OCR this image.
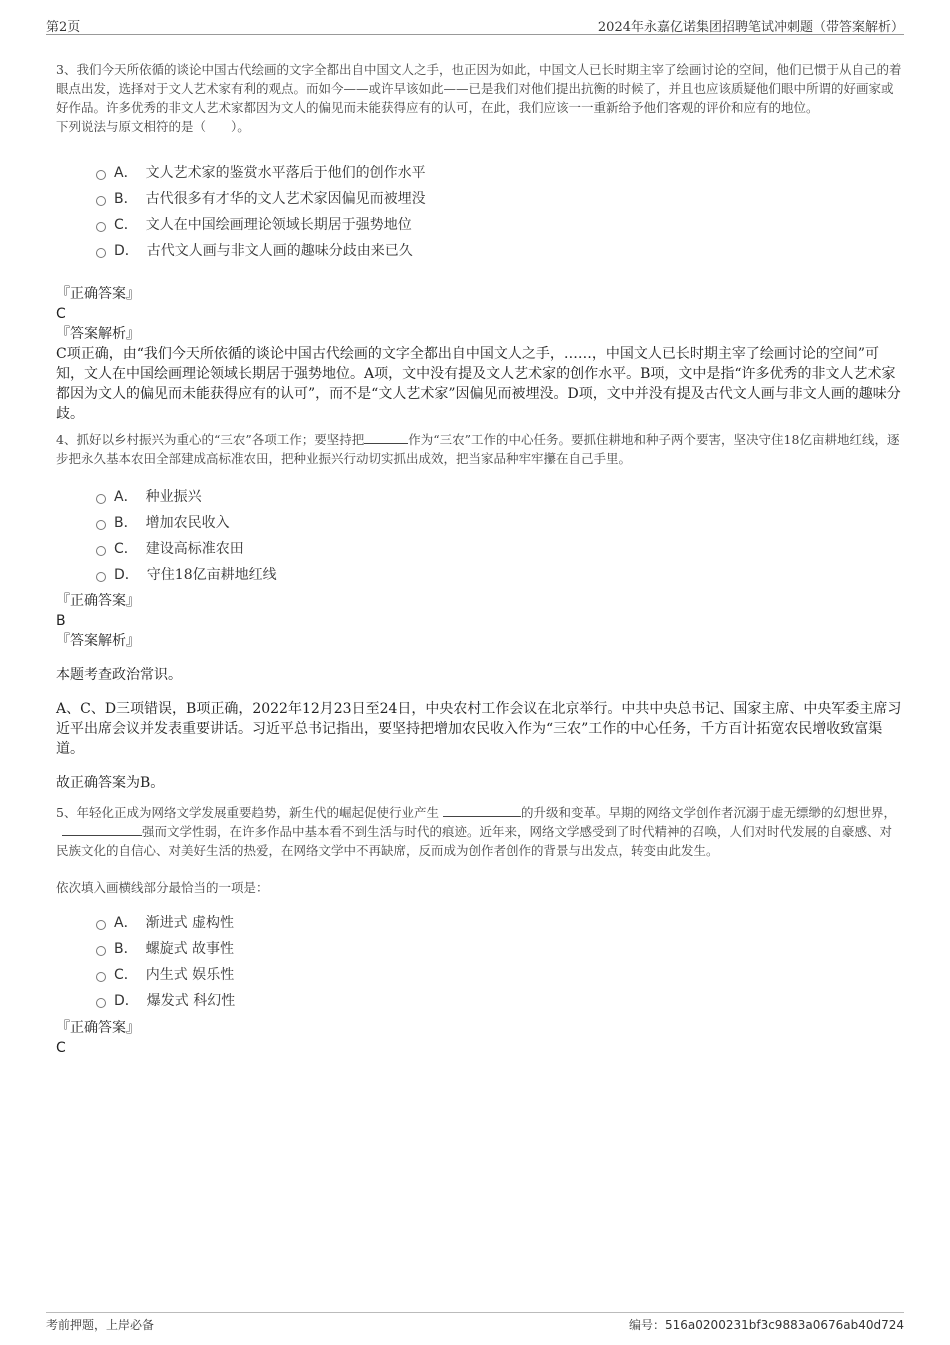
第2页	2024年永嘉亿诺集团招聘笔试冲刺题（带答案解析）

3、我们今天所依循的谈论中国古代绘画的文字全都出自中国文人之手，也正因为如此，中国文人已长时期主宰了绘画讨论的空间，他们已惯于从自己的着眼点出发，选择对于文人艺术家有利的观点。而如今——或许早该如此——已是我们对他们提出抗衡的时候了，并且也应该质疑他们眼中所谓的好画家或好作品。许多优秀的非文人艺术家都因为文人的偏见而未能获得应有的认可，在此，我们应该一一重新给予他们客观的评价和应有的地位。

下列说法与原文相符的是（　　）。

A． 文人艺术家的鉴赏水平落后于他们的创作水平
B． 古代很多有才华的文人艺术家因偏见而被埋没
C． 文人在中国绘画理论领域长期居于强势地位
D． 古代文人画与非文人画的趣味分歧由来已久

『正确答案』

C

『答案解析』

C项正确，由“我们今天所依循的谈论中国古代绘画的文字全都出自中国文人之手，……，中国文人已长时期主宰了绘画讨论的空间”可知，文人在中国绘画理论领域长期居于强势地位。A项，文中没有提及文人艺术家的创作水平。B项，文中是指“许多优秀的非文人艺术家都因为文人的偏见而未能获得应有的认可”，而不是“文人艺术家”因偏见而被埋没。D项，文中并没有提及古代文人画与非文人画的趣味分歧。

4、抓好以乡村振兴为重心的“三农”各项工作；要坚持把	作为“三农”工作的中心任务。要抓住耕地和种子两个要害，坚决守住18亿亩耕地红线，逐步把永久基本农田全部建成高标准农田，把种业振兴行动切实抓出成效，把当家品种牢牢攥在自己手里。

A． 种业振兴
B． 增加农民收入
C． 建设高标准农田
D． 守住18亿亩耕地红线

『正确答案』

B

『答案解析』

本题考查政治常识。

A、C、D三项错误，B项正确，2022年12月23日至24日，中央农村工作会议在北京举行。中共中央总书记、国家主席、中央军委主席习近平出席会议并发表重要讲话。习近平总书记指出，要坚持把增加农民收入作为“三农”工作的中心任务，千方百计拓宽农民增收致富渠道。

故正确答案为B。

5、年轻化正成为网络文学发展重要趋势，新生代的崛起促使行业产生	的升级和变革。早期的网络文学创作者沉溺于虚无缥缈的幻想世界，强而文学性弱，在许多作品中基本看不到生活与时代的痕迹。近年来，网络文学感受到了时代精神的召唤，人们对时代发展的自豪感、对民族文化的自信心、对美好生活的热爱，在网络文学中不再缺席，反而成为创作者创作的背景与出发点，转变由此发生。

依次填入画横线部分最恰当的一项是：

A． 渐进式 虚构性
B． 螺旋式 故事性
C． 内生式 娱乐性
D． 爆发式 科幻性

『正确答案』

C

考前押题，上岸必备	编号：516a0200231bf3c9883a0676ab40d724
